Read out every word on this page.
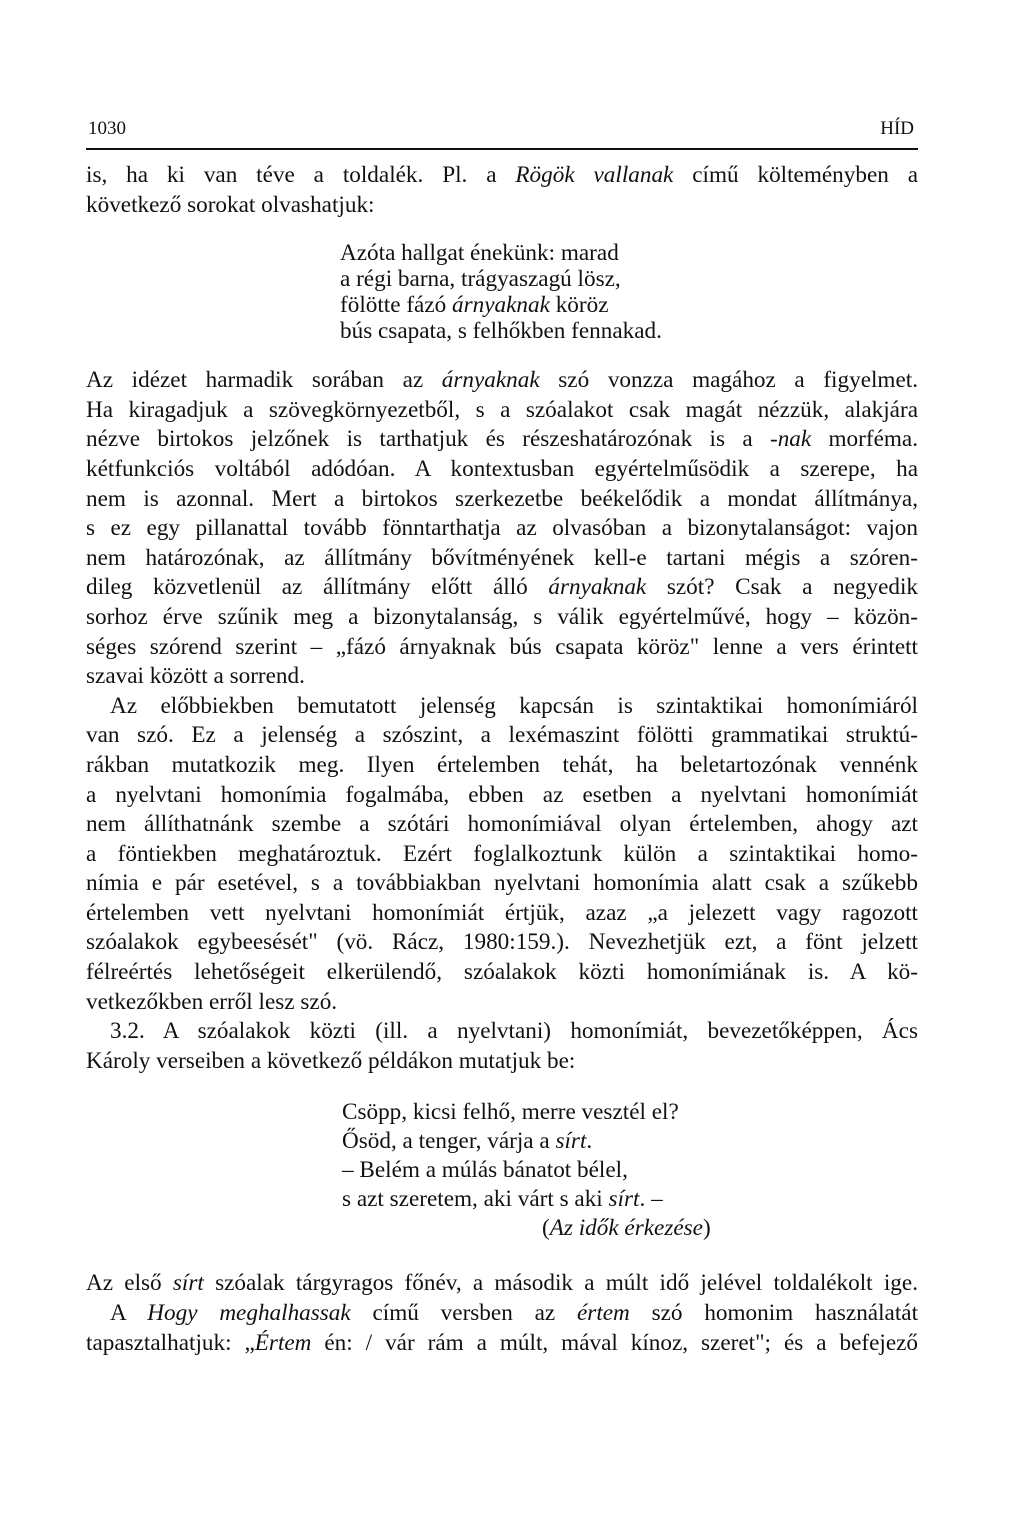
1030	HÍD
is, ha ki van téve a toldalék. Pl. a Rögök vallanak című költeményben a
következő sorokat olvashatjuk:
Azóta hallgat énekünk: marad
a régi barna, trágyaszagú lösz,
fölötte fázó árnyaknak köröz
bús csapata, s felhőkben fennakad.
Az idézet harmadik sorában az árnyaknak szó vonzza magához a figyelmet.
Ha kiragadjuk a szövegkörnyezetből, s a szóalakot csak magát nézzük, alakjára
nézve birtokos jelzőnek is tarthatjuk és részeshatározónak is a -nak morféma.
kétfunkciós voltából adódóan. A kontextusban egyértelműsödik a szerepe, ha
nem is azonnal. Mert a birtokos szerkezetbe beékelődik a mondat állítmánya,
s ez egy pillanattal tovább fönntarthatja az olvasóban a bizonytalanságot: vajon
nem határozónak, az állítmány bővítményének kell-e tartani mégis a szóren-
dileg közvetlenül az állítmány előtt álló árnyaknak szót? Csak a negyedik
sorhoz érve szűnik meg a bizonytalanság, s válik egyértelművé, hogy – közön-
séges szórend szerint – „fázó árnyaknak bús csapata köröz" lenne a vers érintett
szavai között a sorrend.
Az előbbiekben bemutatott jelenség kapcsán is szintaktikai homonímiáról
van szó. Ez a jelenség a szószint, a lexémaszint fölötti grammatikai struktú-
rákban mutatkozik meg. Ilyen értelemben tehát, ha beletartozónak vennénk
a nyelvtani homonímia fogalmába, ebben az esetben a nyelvtani homonímiát
nem állíthatnánk szembe a szótári homonímiával olyan értelemben, ahogy azt
a föntiekben meghatároztuk. Ezért foglalkoztunk külön a szintaktikai homo-
nímia e pár esetével, s a továbbiakban nyelvtani homonímia alatt csak a szűkebb
értelemben vett nyelvtani homonímiát értjük, azaz „a jelezett vagy ragozott
szóalakok egybeesését" (vö. Rácz, 1980:159.). Nevezhetjük ezt, a fönt jelzett
félreértés lehetőségeit elkerülendő, szóalakok közti homonímiának is. A kö-
vetkezőkben erről lesz szó.
3.2. A szóalakok közti (ill. a nyelvtani) homonímiát, bevezetőképpen, Ács
Károly verseiben a következő példákon mutatjuk be:
Csöpp, kicsi felhő, merre vesztél el?
Ősöd, a tenger, várja a sírt.
– Belém a múlás bánatot bélel,
s azt szeretem, aki várt s aki sírt. –
(Az idők érkezése)
Az első sírt szóalak tárgyragos főnév, a második a múlt idő jelével toldalékolt ige.
A Hogy meghalhassak című versben az értem szó homonim használatát
tapasztalhatjuk: „Értem én: / vár rám a múlt, mával kínoz, szeret"; és a befejező
